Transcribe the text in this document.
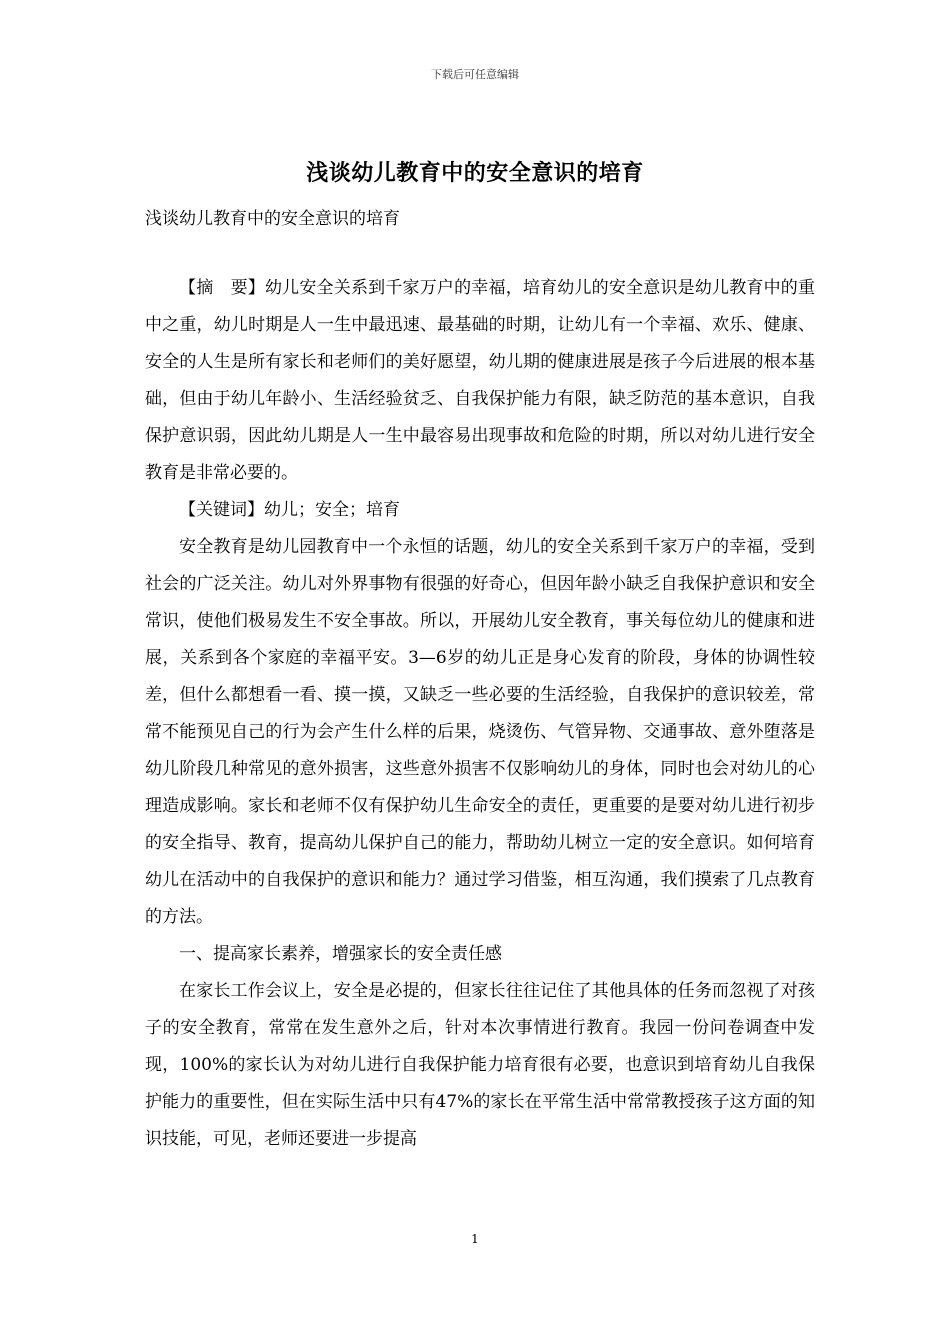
下载后可任意编辑
浅谈幼儿教育中的安全意识的培育
浅谈幼儿教育中的安全意识的培育

【摘　要】幼儿安全关系到千家万户的幸福，培育幼儿的安全意识是幼儿教育中的重中之重，幼儿时期是人一生中最迅速、最基础的时期，让幼儿有一个幸福、欢乐、健康、安全的人生是所有家长和老师们的美好愿望，幼儿期的健康进展是孩子今后进展的根本基础，但由于幼儿年龄小、生活经验贫乏、自我保护能力有限，缺乏防范的基本意识，自我保护意识弱，因此幼儿期是人一生中最容易出现事故和危险的时期，所以对幼儿进行安全教育是非常必要的。

【关键词】幼儿；安全；培育

安全教育是幼儿园教育中一个永恒的话题，幼儿的安全关系到千家万户的幸福，受到社会的广泛关注。幼儿对外界事物有很强的好奇心，但因年龄小缺乏自我保护意识和安全常识，使他们极易发生不安全事故。所以，开展幼儿安全教育，事关每位幼儿的健康和进展，关系到各个家庭的幸福平安。3—6岁的幼儿正是身心发育的阶段，身体的协调性较差，但什么都想看一看、摸一摸，又缺乏一些必要的生活经验，自我保护的意识较差，常常不能预见自己的行为会产生什么样的后果，烧烫伤、气管异物、交通事故、意外堕落是幼儿阶段几种常见的意外损害，这些意外损害不仅影响幼儿的身体，同时也会对幼儿的心理造成影响。家长和老师不仅有保护幼儿生命安全的责任，更重要的是要对幼儿进行初步的安全指导、教育，提高幼儿保护自己的能力，帮助幼儿树立一定的安全意识。如何培育幼儿在活动中的自我保护的意识和能力？通过学习借鉴，相互沟通，我们摸索了几点教育的方法。

一、提高家长素养，增强家长的安全责任感

在家长工作会议上，安全是必提的，但家长往往记住了其他具体的任务而忽视了对孩子的安全教育，常常在发生意外之后，针对本次事情进行教育。我园一份问卷调查中发现，100%的家长认为对幼儿进行自我保护能力培育很有必要，也意识到培育幼儿自我保护能力的重要性，但在实际生活中只有47%的家长在平常生活中常常教授孩子这方面的知识技能，可见，老师还要进一步提高

1
